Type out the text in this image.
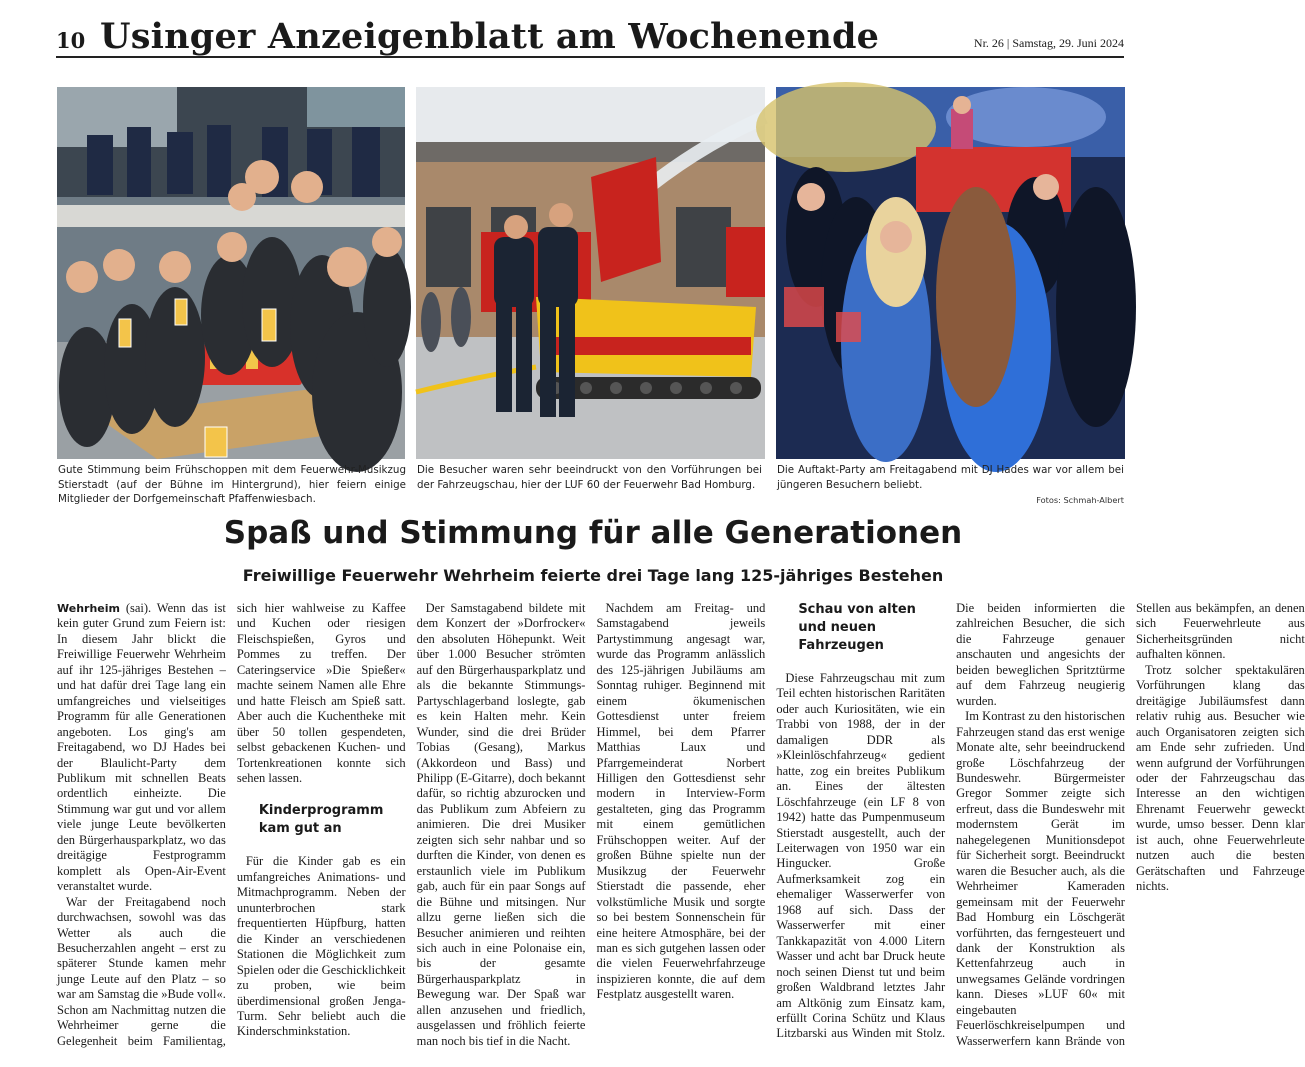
10 Usinger Anzeigenblatt am Wochenende	Nr. 26 | Samstag, 29. Juni 2024
Gute Stimmung beim Frühschoppen mit dem Feuerwehr-Musikzug Stierstadt (auf der Bühne im Hintergrund), hier feiern einige Mitglieder der Dorfgemeinschaft Pfaffenwiesbach.
Die Besucher waren sehr beeindruckt von den Vorführungen bei der Fahrzeugschau, hier der LUF 60 der Feuerwehr Bad Homburg.
Die Auftakt-Party am Freitagabend mit DJ Hades war vor allem bei jüngeren Besuchern beliebt.
Fotos: Schmah-Albert
Spaß und Stimmung für alle Generationen
Freiwillige Feuerwehr Wehrheim feierte drei Tage lang 125-jähriges Bestehen

Wehrheim (sai). Wenn das ist kein guter Grund zum Feiern ist: In diesem Jahr blickt die Freiwillige Feuerwehr Wehrheim auf ihr 125-jähriges Bestehen – und hat dafür drei Tage lang ein umfangreiches und vielseitiges Programm für alle Generationen angeboten. Los ging's am Freitagabend, wo DJ Hades bei der Blaulicht-Party dem Publikum mit schnellen Beats ordentlich einheizte. Die Stimmung war gut und vor allem viele junge Leute bevölkerten den Bürgerhausparkplatz, wo das dreitägige Festprogramm komplett als Open-Air-Event veranstaltet wurde.

War der Freitagabend noch durchwachsen, sowohl was das Wetter als auch die Besucherzahlen angeht – erst zu späterer Stunde kamen mehr junge Leute auf den Platz – so war am Samstag die »Bude voll«. Schon am Nachmittag nutzen die Wehrheimer gerne die Gelegenheit beim Familientag, sich hier wahlweise zu Kaffee und Kuchen oder riesigen Fleischspießen, Gyros und Pommes zu treffen. Der Cateringservice »Die Spießer« machte seinem Namen alle Ehre und hatte Fleisch am Spieß satt. Aber auch die Kuchentheke mit über 50 tollen gespendeten, selbst gebackenen Kuchen- und Tortenkreationen konnte sich sehen lassen.

Kinderprogramm kam gut an

Für die Kinder gab es ein umfangreiches Animations- und Mitmachprogramm. Neben der ununterbrochen stark frequentierten Hüpfburg, hatten die Kinder an verschiedenen Stationen die Möglichkeit zum Spielen oder die Geschicklichkeit zu proben, wie beim überdimensional großen Jenga-Turm. Sehr beliebt auch die Kinderschminkstation.

Der Samstagabend bildete mit dem Konzert der »Dorfrocker« den absoluten Höhepunkt. Weit über 1.000 Besucher strömten auf den Bürgerhausparkplatz und als die bekannte Stimmungs-Partyschlagerband loslegte, gab es kein Halten mehr. Kein Wunder, sind die drei Brüder Tobias (Gesang), Markus (Akkordeon und Bass) und Philipp (E-Gitarre), doch bekannt dafür, so richtig abzurocken und das Publikum zum Abfeiern zu animieren. Die drei Musiker zeigten sich sehr nahbar und so durften die Kinder, von denen es erstaunlich viele im Publikum gab, auch für ein paar Songs auf die Bühne und mitsingen. Nur allzu gerne ließen sich die Besucher animieren und reihten sich auch in eine Polonaise ein, bis der gesamte Bürgerhausparkplatz in Bewegung war. Der Spaß war allen anzusehen und friedlich, ausgelassen und fröhlich feierte man noch bis tief in die Nacht.

Nachdem am Freitag- und Samstagabend jeweils Partystimmung angesagt war, wurde das Programm anlässlich des 125-jährigen Jubiläums am Sonntag ruhiger. Beginnend mit einem ökumenischen Gottesdienst unter freiem Himmel, bei dem Pfarrer Matthias Laux und Pfarrgemeinderat Norbert Hilligen den Gottesdienst sehr modern in Interview-Form gestalteten, ging das Programm mit einem gemütlichen Frühschoppen weiter. Auf der großen Bühne spielte nun der Musikzug der Feuerwehr Stierstadt die passende, eher volkstümliche Musik und sorgte so bei bestem Sonnenschein für eine heitere Atmosphäre, bei der man es sich gutgehen lassen oder die vielen Feuerwehrfahrzeuge inspizieren konnte, die auf dem Festplatz ausgestellt waren.

Schau von alten und neuen Fahrzeugen

Diese Fahrzeugschau mit zum Teil echten historischen Raritäten oder auch Kuriositäten, wie ein Trabbi von 1988, der in der damaligen DDR als »Kleinlöschfahrzeug« gedient hatte, zog ein breites Publikum an. Eines der ältesten Löschfahrzeuge (ein LF 8 von 1942) hatte das Pumpenmuseum Stierstadt ausgestellt, auch der Leiterwagen von 1950 war ein Hingucker. Große Aufmerksamkeit zog ein ehemaliger Wasserwerfer von 1968 auf sich. Dass der Wasserwerfer mit einer Tankkapazität von 4.000 Litern Wasser und acht bar Druck heute noch seinen Dienst tut und beim großen Waldbrand letztes Jahr am Altkönig zum Einsatz kam, erfüllt Corina Schütz und Klaus Litzbarski aus Winden mit Stolz. Die beiden informierten die zahlreichen Besucher, die sich die Fahrzeuge genauer anschauten und angesichts der beiden beweglichen Spritztürme auf dem Fahrzeug neugierig wurden.

Im Kontrast zu den historischen Fahrzeugen stand das erst wenige Monate alte, sehr beeindruckend große Löschfahrzeug der Bundeswehr. Bürgermeister Gregor Sommer zeigte sich erfreut, dass die Bundeswehr mit modernstem Gerät im nahegelegenen Munitionsdepot für Sicherheit sorgt. Beeindruckt waren die Besucher auch, als die Wehrheimer Kameraden gemeinsam mit der Feuerwehr Bad Homburg ein Löschgerät vorführten, das ferngesteuert und dank der Konstruktion als Kettenfahrzeug auch in unwegsames Gelände vordringen kann. Dieses »LUF 60« mit eingebauten Feuerlöschkreiselpumpen und Wasserwerfern kann Brände von Stellen aus bekämpfen, an denen sich Feuerwehrleute aus Sicherheitsgründen nicht aufhalten können.

Trotz solcher spektakulären Vorführungen klang das dreitägige Jubiläumsfest dann relativ ruhig aus. Besucher wie auch Organisatoren zeigten sich am Ende sehr zufrieden. Und wenn aufgrund der Vorführungen oder der Fahrzeugschau das Interesse an den wichtigen Ehrenamt Feuerwehr geweckt wurde, umso besser. Denn klar ist auch, ohne Feuerwehrleute nutzen auch die besten Gerätschaften und Fahrzeuge nichts.
